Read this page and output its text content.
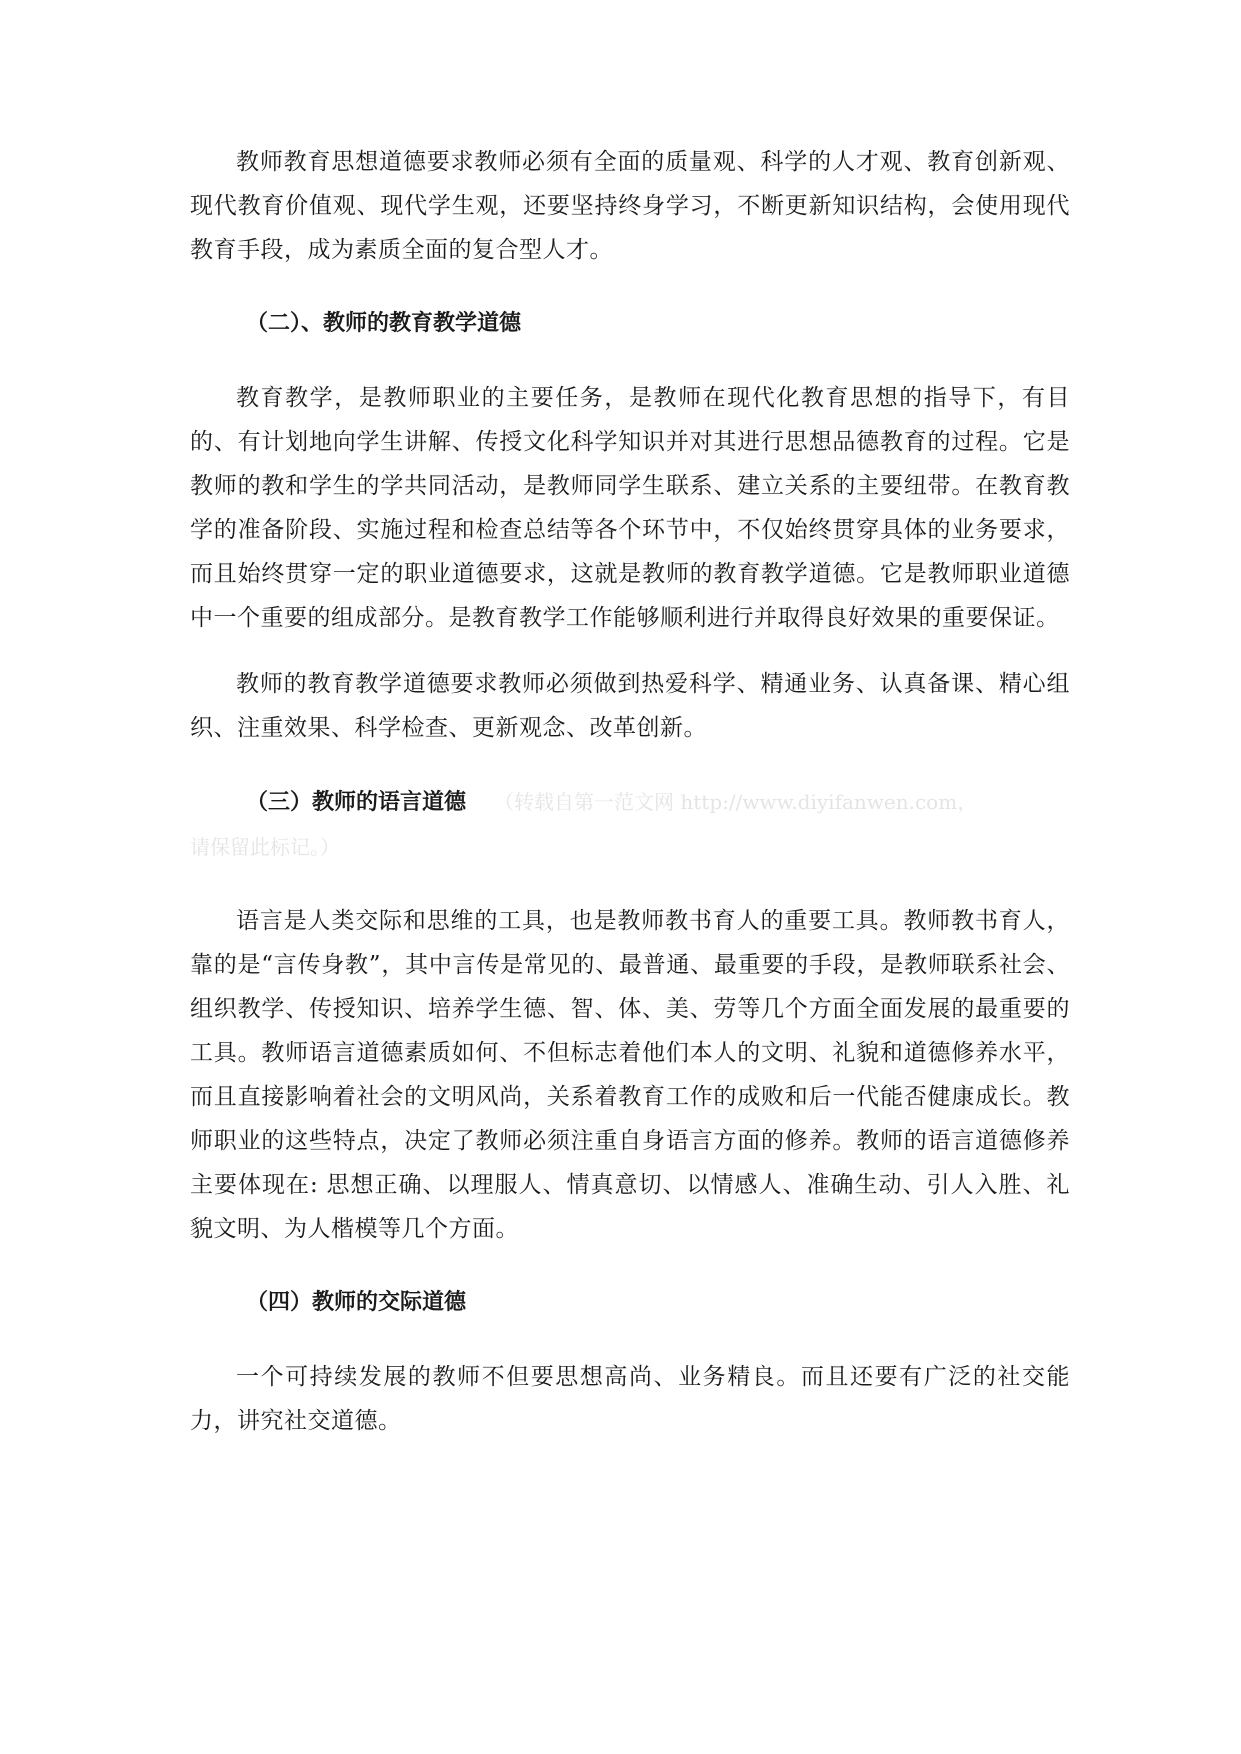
教师教育思想道德要求教师必须有全面的质量观、科学的人才观、教育创新观、现代教育价值观、现代学生观，还要坚持终身学习，不断更新知识结构，会使用现代教育手段，成为素质全面的复合型人才。

（二）、教师的教育教学道德

教育教学，是教师职业的主要任务，是教师在现代化教育思想的指导下，有目的、有计划地向学生讲解、传授文化科学知识并对其进行思想品德教育的过程。它是教师的教和学生的学共同活动，是教师同学生联系、建立关系的主要纽带。在教育教学的准备阶段、实施过程和检查总结等各个环节中，不仅始终贯穿具体的业务要求，而且始终贯穿一定的职业道德要求，这就是教师的教育教学道德。它是教师职业道德中一个重要的组成部分。是教育教学工作能够顺利进行并取得良好效果的重要保证。

教师的教育教学道德要求教师必须做到热爱科学、精通业务、认真备课、精心组织、注重效果、科学检查、更新观念、改革创新。

（三）教师的语言道德 （转载自第一范文网 http://www.diyifanwen.com，

请保留此标记。）

语言是人类交际和思维的工具，也是教师教书育人的重要工具。教师教书育人，靠的是“言传身教”，其中言传是常见的、最普通、最重要的手段，是教师联系社会、组织教学、传授知识、培养学生德、智、体、美、劳等几个方面全面发展的最重要的工具。教师语言道德素质如何、不但标志着他们本人的文明、礼貌和道德修养水平，而且直接影响着社会的文明风尚，关系着教育工作的成败和后一代能否健康成长。教师职业的这些特点，决定了教师必须注重自身语言方面的修养。教师的语言道德修养主要体现在: 思想正确、以理服人、情真意切、以情感人、准确生动、引人入胜、礼貌文明、为人楷模等几个方面。

（四）教师的交际道德

一个可持续发展的教师不但要思想高尚、业务精良。而且还要有广泛的社交能力，讲究社交道德。
